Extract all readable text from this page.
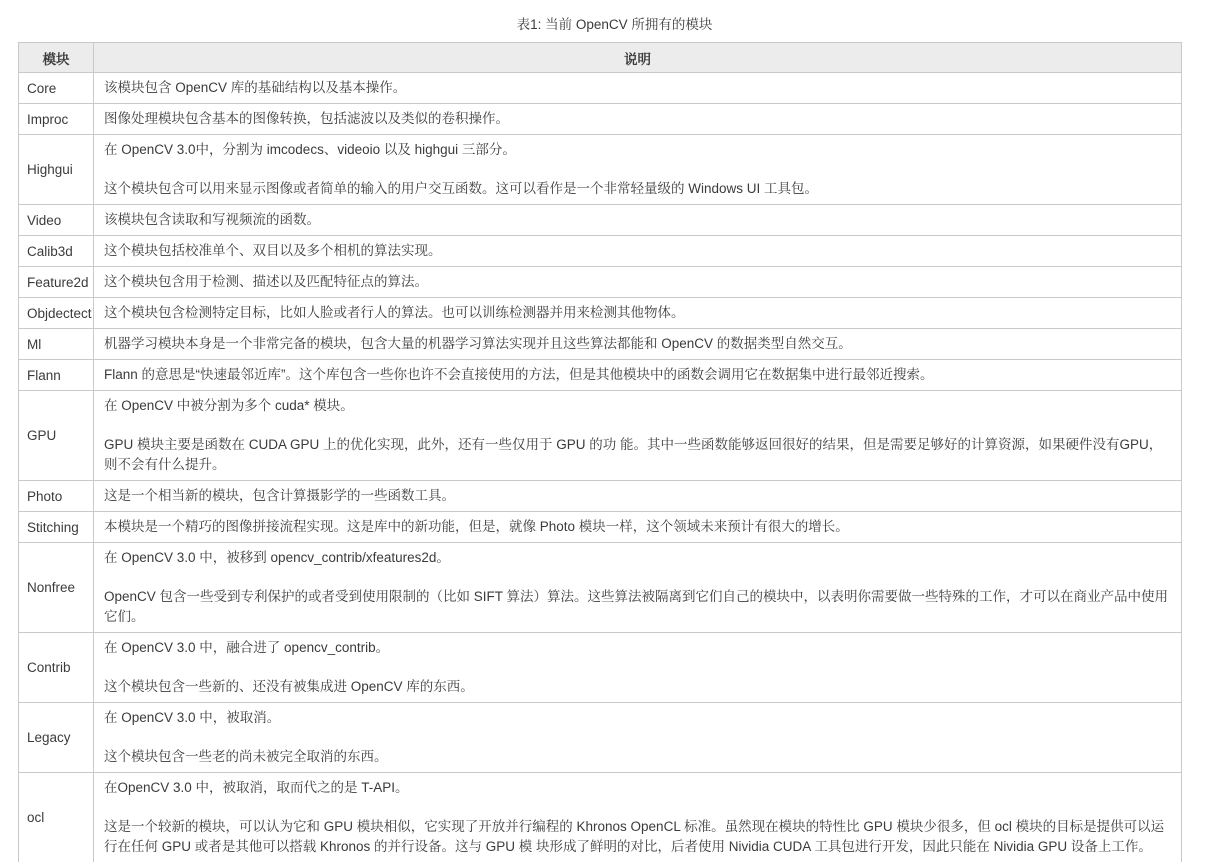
表1: 当前 OpenCV 所拥有的模块
模块	说明
Core	该模块包含 OpenCV 库的基础结构以及基本操作。

Improc	图像处理模块包含基本的图像转换，包括滤波以及类似的卷积操作。

Highgui	在 OpenCV 3.0中，分割为 imcodecs、videoio 以及 highgui 三部分。

这个模块包含可以用来显示图像或者简单的输入的用户交互函数。这可以看作是一个非常轻量级的 Windows UI 工具包。

Video	该模块包含读取和写视频流的函数。

Calib3d	这个模块包括校准单个、双目以及多个相机的算法实现。

Feature2d	这个模块包含用于检测、描述以及匹配特征点的算法。

Objdectect	这个模块包含检测特定目标，比如人脸或者行人的算法。也可以训练检测器并用来检测其他物体。

Ml	机器学习模块本身是一个非常完备的模块，包含大量的机器学习算法实现并且这些算法都能和 OpenCV 的数据类型自然交互。

Flann	Flann 的意思是“快速最邻近库”。这个库包含一些你也许不会直接使用的方法，但是其他模块中的函数会调用它在数据集中进行最邻近搜索。

GPU	在 OpenCV 中被分割为多个 cuda* 模块。

GPU 模块主要是函数在 CUDA GPU 上的优化实现，此外，还有一些仅用于 GPU 的功 能。其中一些函数能够返回很好的结果，但是需要足够好的计算资源，如果硬件没有GPU，则不会有什么提升。

Photo	这是一个相当新的模块，包含计算摄影学的一些函数工具。

Stitching	本模块是一个精巧的图像拼接流程实现。这是库中的新功能，但是，就像 Photo 模块一样，这个领域未来预计有很大的增长。

Nonfree	在 OpenCV 3.0 中，被移到 opencv_contrib/xfeatures2d。

OpenCV 包含一些受到专利保护的或者受到使用限制的（比如 SIFT 算法）算法。这些算法被隔离到它们自己的模块中，以表明你需要做一些特殊的工作，才可以在商业产品中使用它们。

Contrib	在 OpenCV 3.0 中，融合进了 opencv_contrib。

这个模块包含一些新的、还没有被集成进 OpenCV 库的东西。

Legacy	在 OpenCV 3.0 中，被取消。

这个模块包含一些老的尚未被完全取消的东西。

ocl	在OpenCV 3.0 中，被取消，取而代之的是 T-API。

这是一个较新的模块，可以认为它和 GPU 模块相似，它实现了开放并行编程的 Khronos OpenCL 标准。虽然现在模块的特性比 GPU 模块少很多，但 ocl 模块的目标是提供可以运行在任何 GPU 或者是其他可以搭载 Khronos 的并行设备。这与 GPU 模 块形成了鲜明的对比，后者使用 Nividia CUDA 工具包进行开发，因此只能在 Nividia GPU 设备上工作。
